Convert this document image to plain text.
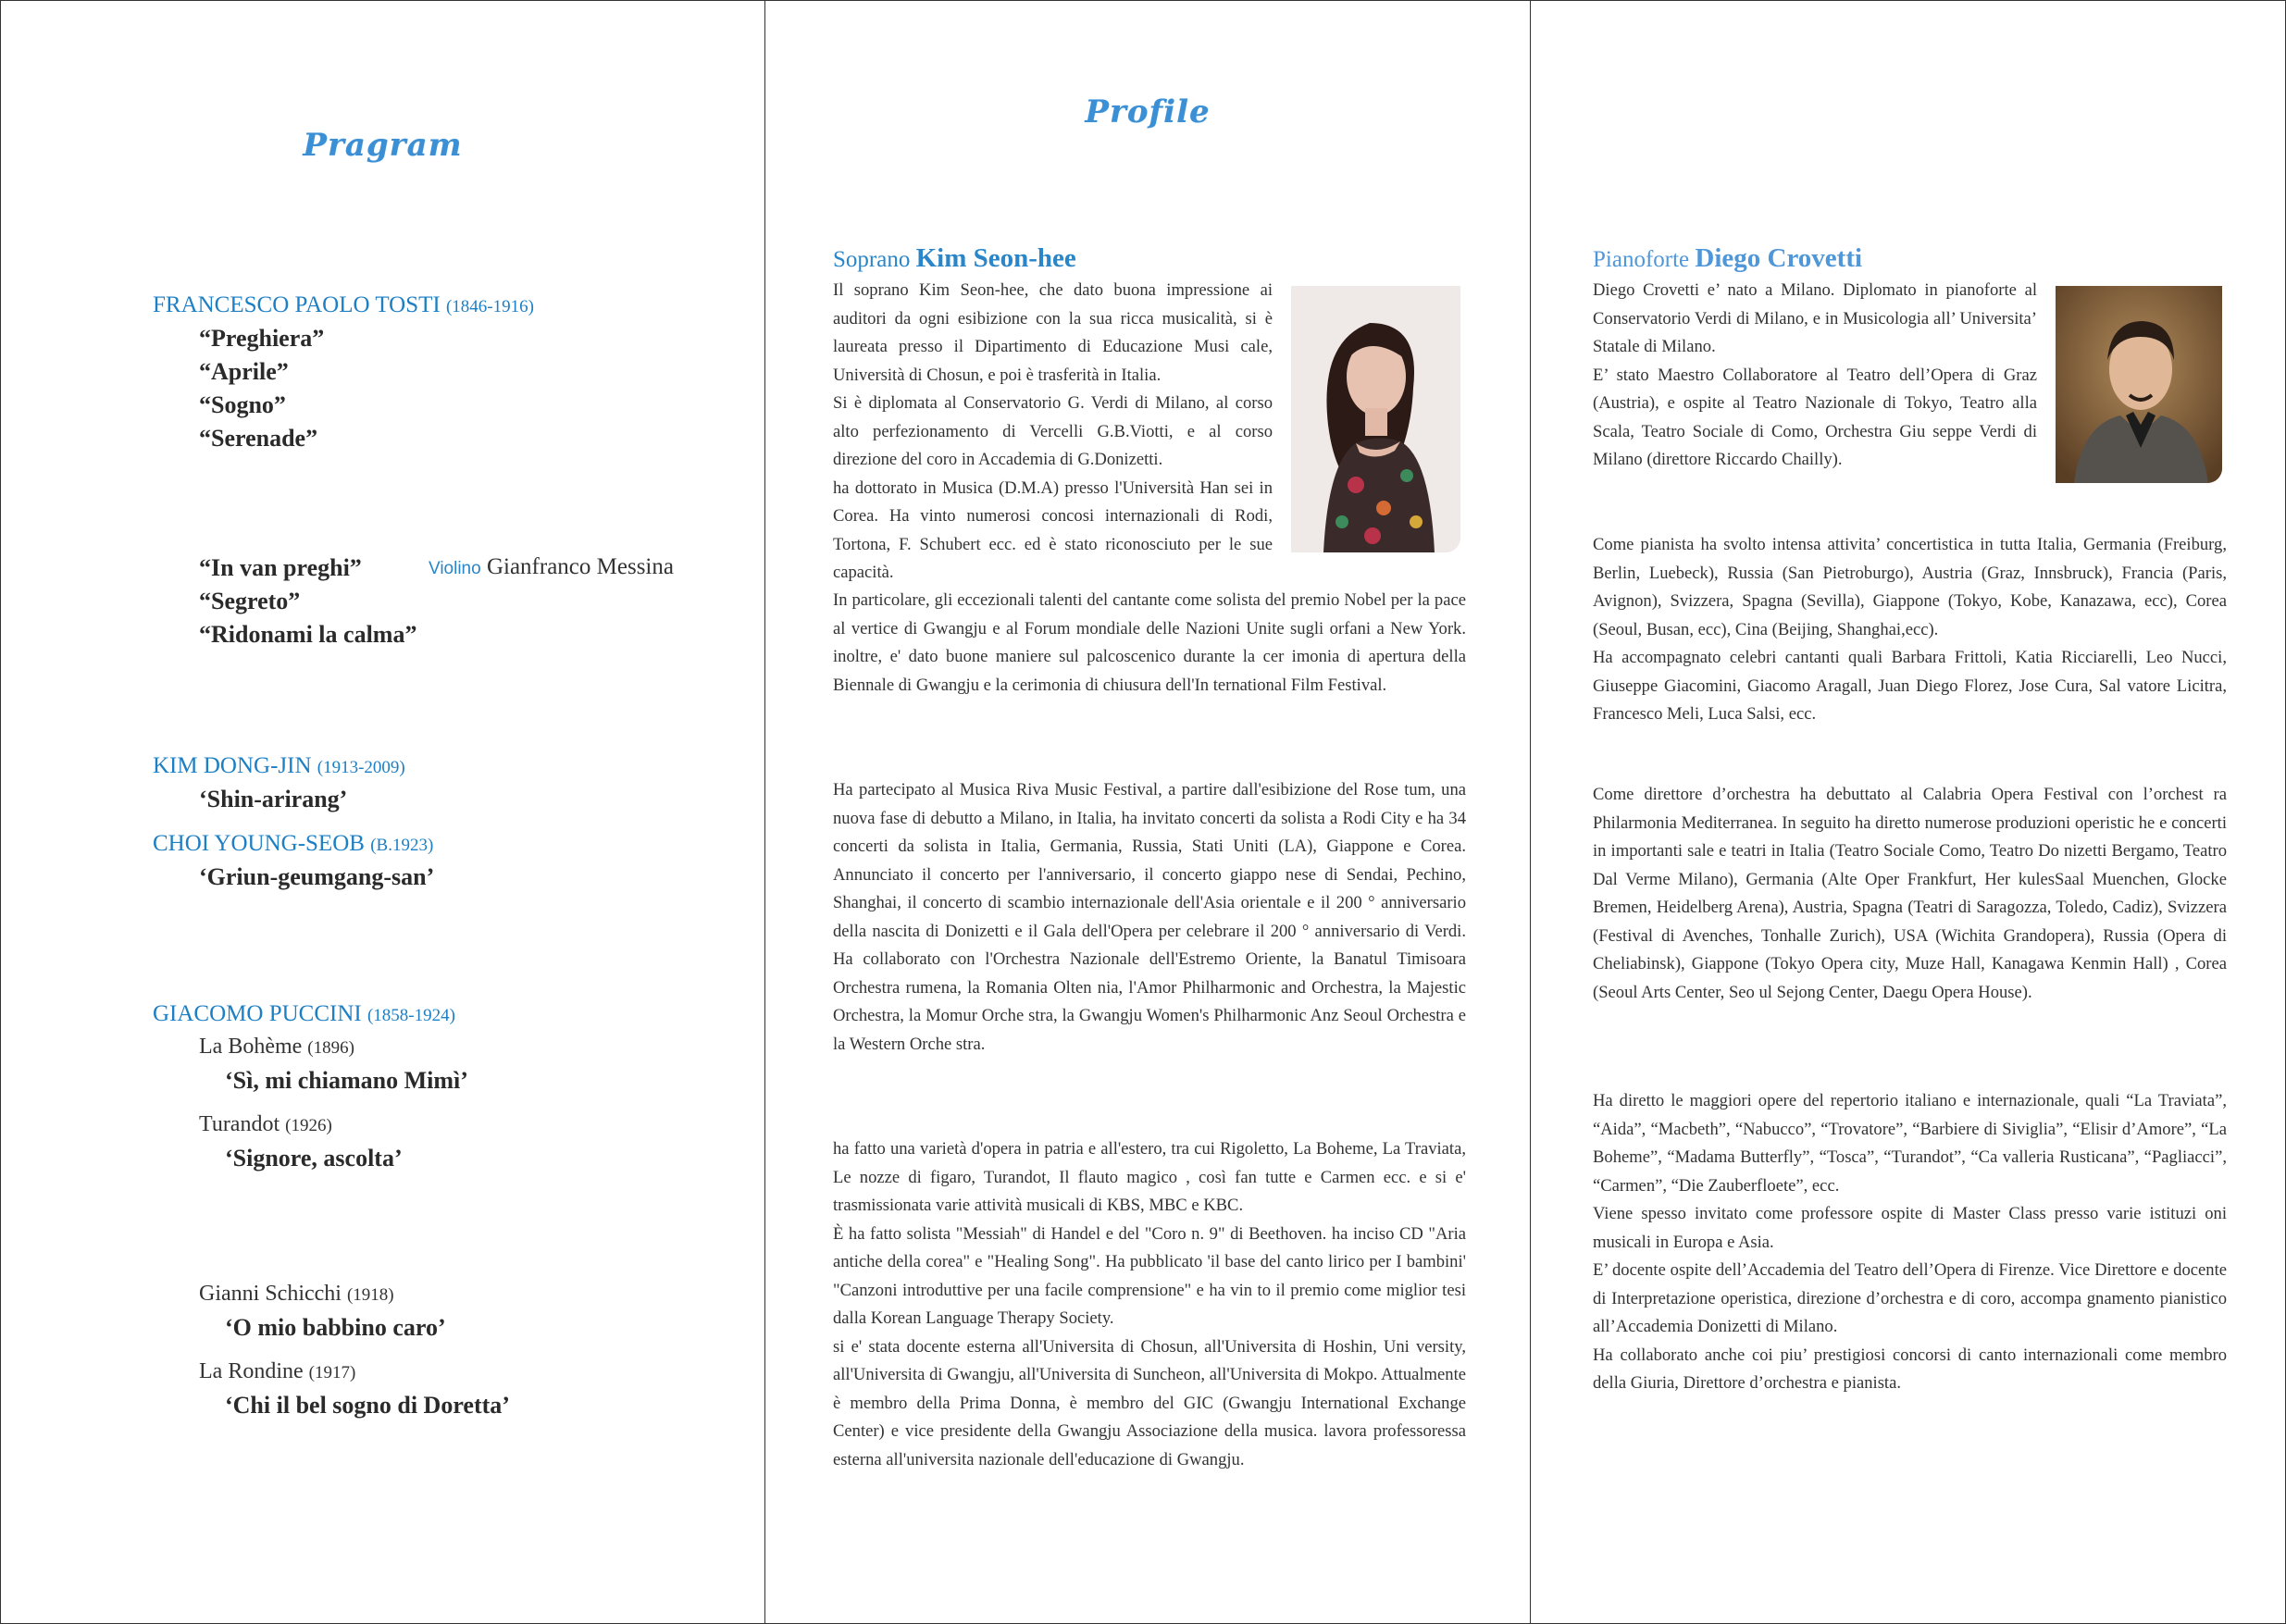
Pragram
FRANCESCO PAOLO TOSTI (1846-1916)
“Preghiera”
“Aprile”
“Sogno”
“Serenade”
“In van preghi”	Violino Gianfranco Messina
“Segreto”
“Ridonami la calma”
KIM DONG-JIN (1913-2009)
‘Shin-arirang’
CHOI YOUNG-SEOB (B.1923)
‘Griun-geumgang-san’
GIACOMO PUCCINI (1858-1924)
La Bohème (1896)
‘Sì, mi chiamano Mimì’
Turandot (1926)
‘Signore, ascolta’
Gianni Schicchi (1918)
‘O mio babbino caro’
La Rondine (1917)
‘Chi il bel sogno di Doretta’
Profile
Soprano Kim Seon-hee

Il soprano Kim Seon-hee, che dato buona impressione ai auditori da ogni esibizione con la sua ricca musicalità, si è laureata presso il Dipartimento di Educazione Musi cale, Università di Chosun, e poi è trasferità in Italia.

Si è diplomata al Conservatorio G. Verdi di Milano, al corso alto perfezionamento di Vercelli G.B.Viotti, e al corso direzione del coro in Accademia di G.Donizetti.

ha dottorato in Musica (D.M.A) presso l'Università Han sei in Corea. Ha vinto numerosi concosi internazionali di Rodi, Tortona, F. Schubert ecc. ed è stato riconosciuto per le sue capacità.

In particolare, gli eccezionali talenti del cantante come solista del premio Nobel per la pace al vertice di Gwangju e al Forum mondiale delle Nazioni Unite sugli orfani a New York. inoltre, e' dato buone maniere sul palcoscenico durante la cer imonia di apertura della Biennale di Gwangju e la cerimonia di chiusura dell'In ternational Film Festival.

Ha partecipato al Musica Riva Music Festival, a partire dall'esibizione del Rose tum, una nuova fase di debutto a Milano, in Italia, ha invitato concerti da solista a Rodi City e ha 34 concerti da solista in Italia, Germania, Russia, Stati Uniti (LA), Giappone e Corea. Annunciato il concerto per l'anniversario, il concerto giappo nese di Sendai, Pechino, Shanghai, il concerto di scambio internazionale dell'Asia orientale e il 200 ° anniversario della nascita di Donizetti e il Gala dell'Opera per celebrare il 200 ° anniversario di Verdi. Ha collaborato con l'Orchestra Nazionale dell'Estremo Oriente, la Banatul Timisoara Orchestra rumena, la Romania Olten nia, l'Amor Philharmonic and Orchestra, la Majestic Orchestra, la Momur Orche stra, la Gwangju Women's Philharmonic Anz Seoul Orchestra e la Western Orche stra.

ha fatto una varietà d'opera in patria e all'estero, tra cui Rigoletto, La Boheme, La Traviata, Le nozze di figaro, Turandot, Il flauto magico , così fan tutte e Carmen ecc. e si e' trasmissionata varie attività musicali di KBS, MBC e KBC.

È ha fatto solista "Messiah" di Handel e del "Coro n. 9" di Beethoven. ha inciso CD "Aria antiche della corea" e "Healing Song". Ha pubblicato 'il base del canto lirico per I bambini' "Canzoni introduttive per una facile comprensione" e ha vin to il premio come miglior tesi dalla Korean Language Therapy Society.

si e' stata docente esterna all'Universita di Chosun, all'Universita di Hoshin, Uni versity, all'Universita di Gwangju, all'Universita di Suncheon, all'Universita di Mokpo. Attualmente è membro della Prima Donna, è membro del GIC (Gwangju International Exchange Center) e vice presidente della Gwangju Associazione della musica. lavora professoressa esterna all'universita nazionale dell'educazione di Gwangju.

Pianoforte Diego Crovetti

Diego Crovetti e’ nato a Milano. Diplomato in pianoforte al Conservatorio Verdi di Milano, e in Musicologia all’ Universita’ Statale di Milano.

E’ stato Maestro Collaboratore al Teatro dell’Opera di Graz (Austria), e ospite al Teatro Nazionale di Tokyo, Teatro alla Scala, Teatro Sociale di Como, Orchestra Giu seppe Verdi di Milano (direttore Riccardo Chailly).

Come pianista ha svolto intensa attivita’ concertistica in tutta Italia, Germania (Freiburg, Berlin, Luebeck), Russia (San Pietroburgo), Austria (Graz, Innsbruck), Francia (Paris, Avignon), Svizzera, Spagna (Sevilla), Giappone (Tokyo, Kobe, Kanazawa, ecc), Corea (Seoul, Busan, ecc), Cina (Beijing, Shanghai,ecc).

Ha accompagnato celebri cantanti quali Barbara Frittoli, Katia Ricciarelli, Leo Nucci, Giuseppe Giacomini, Giacomo Aragall, Juan Diego Florez, Jose Cura, Sal vatore Licitra, Francesco Meli, Luca Salsi, ecc.

Come direttore d’orchestra ha debuttato al Calabria Opera Festival con l’orchest ra Philarmonia Mediterranea. In seguito ha diretto numerose produzioni operistic he e concerti in importanti sale e teatri in Italia (Teatro Sociale Como, Teatro Do nizetti Bergamo, Teatro Dal Verme Milano), Germania (Alte Oper Frankfurt, Her kulesSaal Muenchen, Glocke Bremen, Heidelberg Arena), Austria, Spagna (Teatri di Saragozza, Toledo, Cadiz), Svizzera (Festival di Avenches, Tonhalle Zurich), USA (Wichita Grandopera), Russia (Opera di Cheliabinsk), Giappone (Tokyo Opera city, Muze Hall, Kanagawa Kenmin Hall) , Corea (Seoul Arts Center, Seo ul Sejong Center, Daegu Opera House).

Ha diretto le maggiori opere del repertorio italiano e internazionale, quali “La Traviata”, “Aida”, “Macbeth”, “Nabucco”, “Trovatore”, “Barbiere di Siviglia”, “Elisir d’Amore”, “La Boheme”, “Madama Butterfly”, “Tosca”, “Turandot”, “Ca valleria Rusticana”, “Pagliacci”, “Carmen”, “Die Zauberfloete”, ecc.

Viene spesso invitato come professore ospite di Master Class presso varie istituzi oni musicali in Europa e Asia.

E’ docente ospite dell’Accademia del Teatro dell’Opera di Firenze. Vice Direttore e docente di Interpretazione operistica, direzione d’orchestra e di coro, accompa gnamento pianistico all’Accademia Donizetti di Milano.

Ha collaborato anche coi piu’ prestigiosi concorsi di canto internazionali come membro della Giuria, Direttore d’orchestra e pianista.
